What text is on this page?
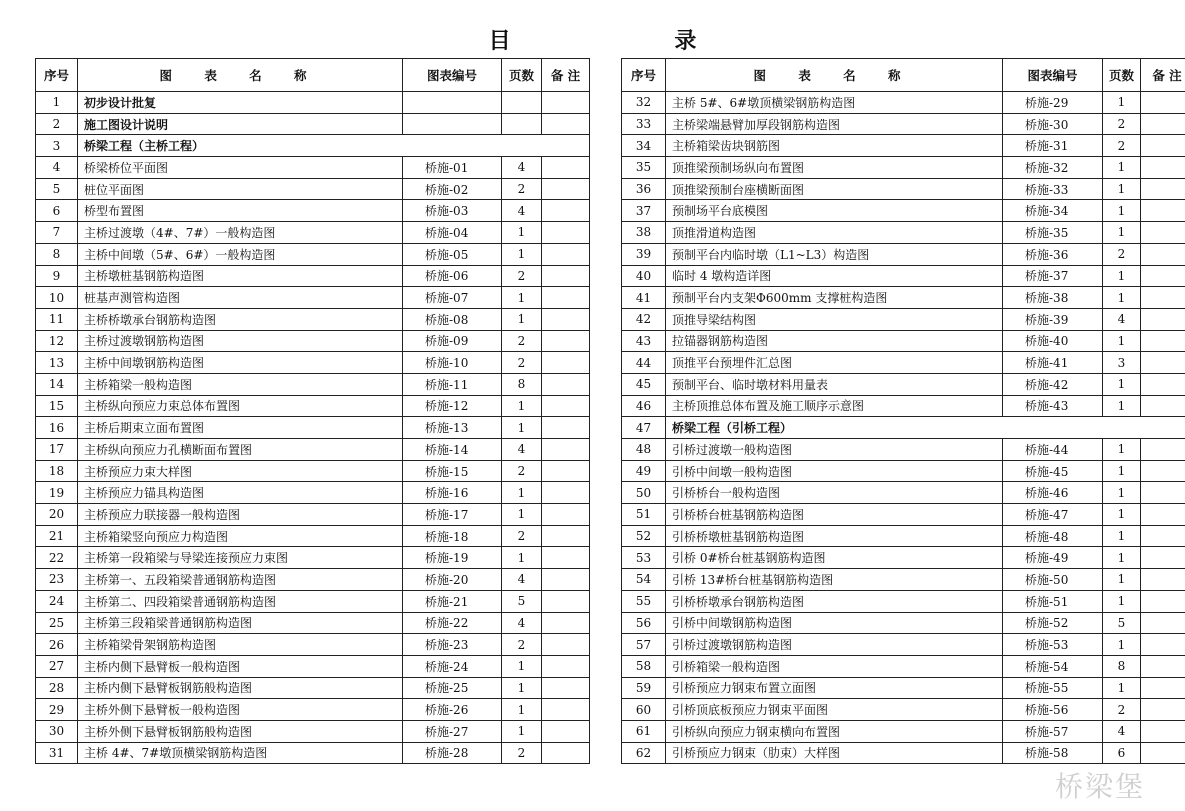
目 录
序号	图 表 名 称	图表编号	页数	备 注
1	初步设计批复			
2	施工图设计说明			
3	桥梁工程（主桥工程）			
4	桥梁桥位平面图	桥施-01	4	
5	桩位平面图	桥施-02	2	
6	桥型布置图	桥施-03	4	
7	主桥过渡墩（4#、7#）一般构造图	桥施-04	1	
8	主桥中间墩（5#、6#）一般构造图	桥施-05	1	
9	主桥墩桩基钢筋构造图	桥施-06	2	
10	桩基声测管构造图	桥施-07	1	
11	主桥桥墩承台钢筋构造图	桥施-08	1	
12	主桥过渡墩钢筋构造图	桥施-09	2	
13	主桥中间墩钢筋构造图	桥施-10	2	
14	主桥箱梁一般构造图	桥施-11	8	
15	主桥纵向预应力束总体布置图	桥施-12	1	
16	主桥后期束立面布置图	桥施-13	1	
17	主桥纵向预应力孔横断面布置图	桥施-14	4	
18	主桥预应力束大样图	桥施-15	2	
19	主桥预应力锚具构造图	桥施-16	1	
20	主桥预应力联接器一般构造图	桥施-17	1	
21	主桥箱梁竖向预应力构造图	桥施-18	2	
22	主桥第一段箱梁与导梁连接预应力束图	桥施-19	1	
23	主桥第一、五段箱梁普通钢筋构造图	桥施-20	4	
24	主桥第二、四段箱梁普通钢筋构造图	桥施-21	5	
25	主桥第三段箱梁普通钢筋构造图	桥施-22	4	
26	主桥箱梁骨架钢筋构造图	桥施-23	2	
27	主桥内侧下悬臂板一般构造图	桥施-24	1	
28	主桥内侧下悬臂板钢筋般构造图	桥施-25	1	
29	主桥外侧下悬臂板一般构造图	桥施-26	1	
30	主桥外侧下悬臂板钢筋般构造图	桥施-27	1	
31	主桥 4#、7#墩顶横梁钢筋构造图	桥施-28	2	
序号	图 表 名 称	图表编号	页数	备 注
32	主桥 5#、6#墩顶横梁钢筋构造图	桥施-29	1	
33	主桥梁端悬臂加厚段钢筋构造图	桥施-30	2	
34	主桥箱梁齿块钢筋图	桥施-31	2	
35	顶推梁预制场纵向布置图	桥施-32	1	
36	顶推梁预制台座横断面图	桥施-33	1	
37	预制场平台底模图	桥施-34	1	
38	顶推滑道构造图	桥施-35	1	
39	预制平台内临时墩（L1~L3）构造图	桥施-36	2	
40	临时 4 墩构造详图	桥施-37	1	
41	预制平台内支架Φ600mm 支撑桩构造图	桥施-38	1	
42	顶推导梁结构图	桥施-39	4	
43	拉锚器钢筋构造图	桥施-40	1	
44	顶推平台预埋件汇总图	桥施-41	3	
45	预制平台、临时墩材料用量表	桥施-42	1	
46	主桥顶推总体布置及施工顺序示意图	桥施-43	1	
47	桥梁工程（引桥工程）			
48	引桥过渡墩一般构造图	桥施-44	1	
49	引桥中间墩一般构造图	桥施-45	1	
50	引桥桥台一般构造图	桥施-46	1	
51	引桥桥台桩基钢筋构造图	桥施-47	1	
52	引桥桥墩桩基钢筋构造图	桥施-48	1	
53	引桥 0#桥台桩基钢筋构造图	桥施-49	1	
54	引桥 13#桥台桩基钢筋构造图	桥施-50	1	
55	引桥桥墩承台钢筋构造图	桥施-51	1	
56	引桥中间墩钢筋构造图	桥施-52	5	
57	引桥过渡墩钢筋构造图	桥施-53	1	
58	引桥箱梁一般构造图	桥施-54	8	
59	引桥预应力钢束布置立面图	桥施-55	1	
60	引桥顶底板预应力钢束平面图	桥施-56	2	
61	引桥纵向预应力钢束横向布置图	桥施-57	4	
62	引桥预应力钢束（肋束）大样图	桥施-58	6	
桥梁堡
